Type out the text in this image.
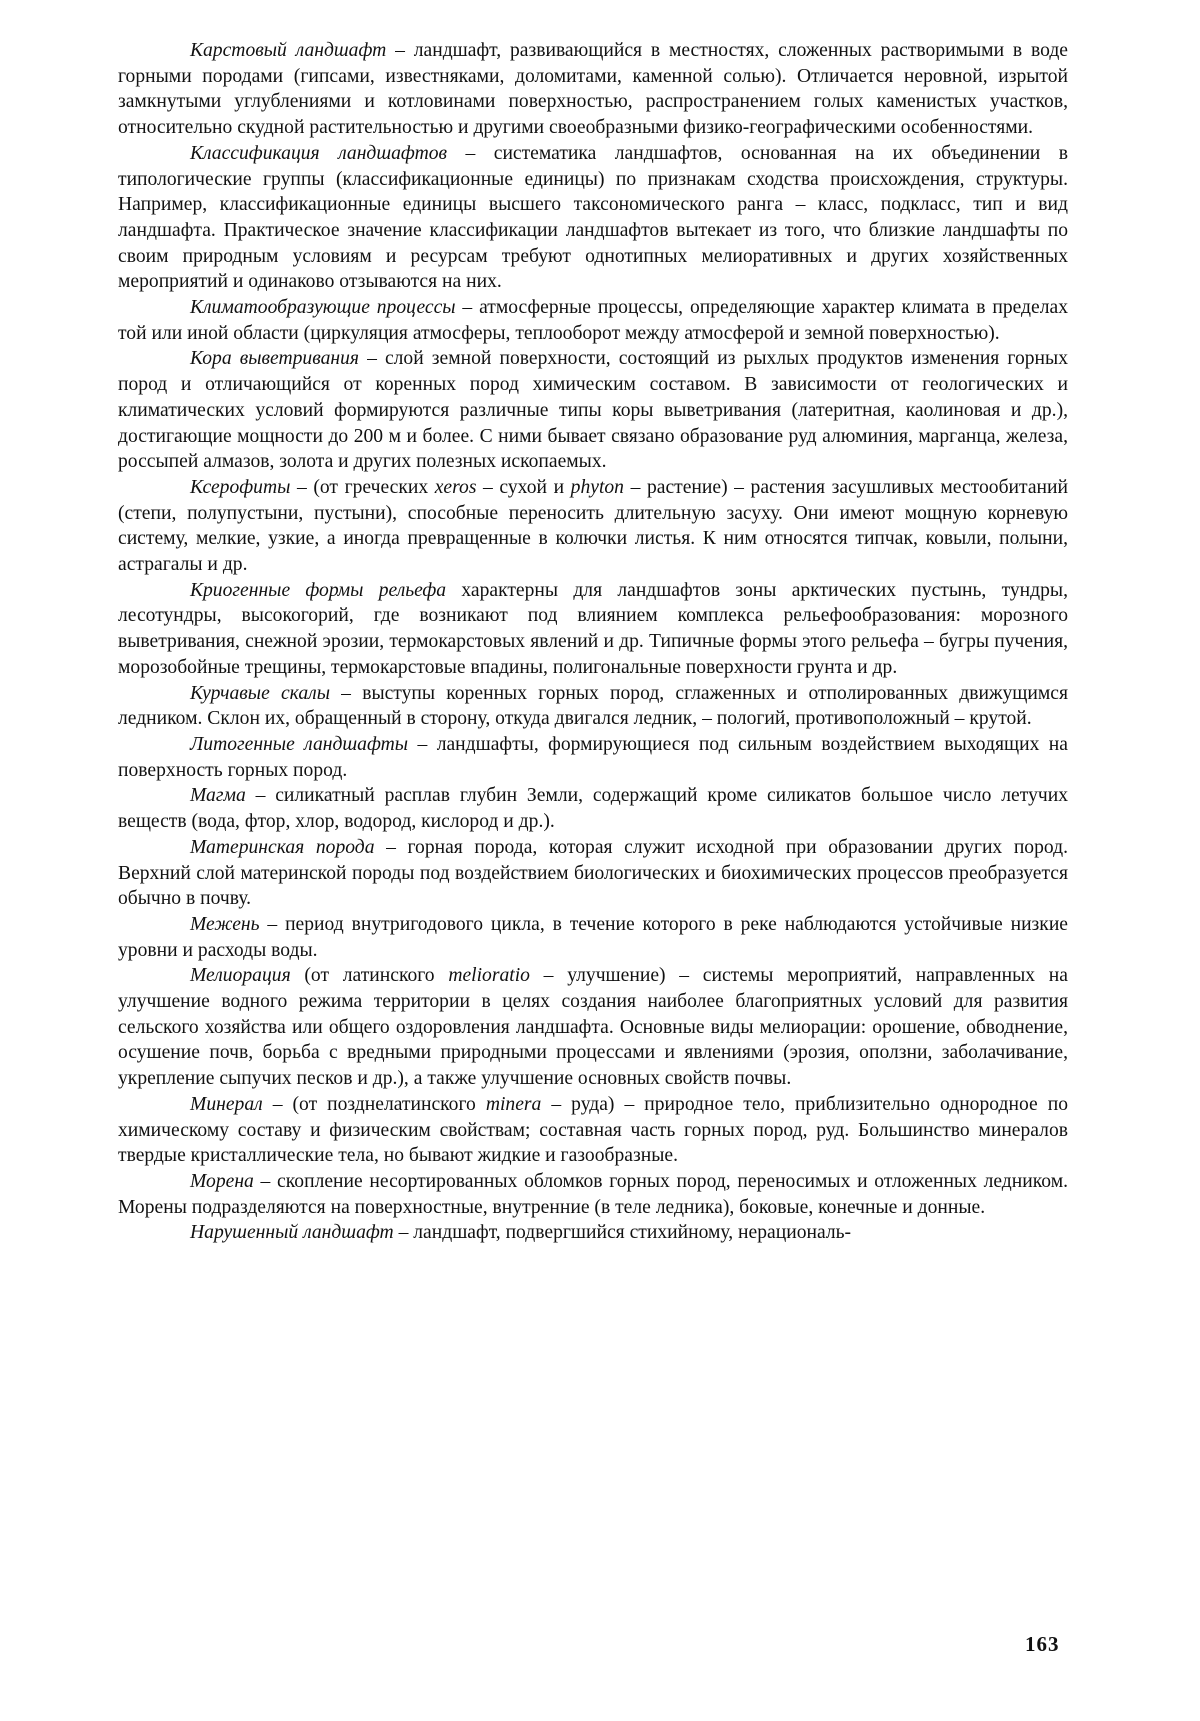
Карстовый ландшафт – ландшафт, развивающийся в местностях, сложенных растворимыми в воде горными породами (гипсами, известняками, доломитами, каменной солью). Отличается неровной, изрытой замкнутыми углублениями и котловинами поверхностью, распространением голых каменистых участков, относительно скудной растительностью и другими своеобразными физико-географическими особенностями.

Классификация ландшафтов – систематика ландшафтов, основанная на их объединении в типологические группы (классификационные единицы) по признакам сходства происхождения, структуры. Например, классификационные единицы высшего таксономического ранга – класс, подкласс, тип и вид ландшафта. Практическое значение классификации ландшафтов вытекает из того, что близкие ландшафты по своим природным условиям и ресурсам требуют однотипных мелиоративных и других хозяйственных мероприятий и одинаково отзываются на них.

Климатообразующие процессы – атмосферные процессы, определяющие характер климата в пределах той или иной области (циркуляция атмосферы, теплооборот между атмосферой и земной поверхностью).

Кора выветривания – слой земной поверхности, состоящий из рыхлых продуктов изменения горных пород и отличающийся от коренных пород химическим составом. В зависимости от геологических и климатических условий формируются различные типы коры выветривания (латеритная, каолиновая и др.), достигающие мощности до 200 м и более. С ними бывает связано образование руд алюминия, марганца, железа, россыпей алмазов, золота и других полезных ископаемых.

Ксерофиты – (от греческих xeros – сухой и phyton – растение) – растения засушливых местообитаний (степи, полупустыни, пустыни), способные переносить длительную засуху. Они имеют мощную корневую систему, мелкие, узкие, а иногда превращенные в колючки листья. К ним относятся типчак, ковыли, полыни, астрагалы и др.

Криогенные формы рельефа характерны для ландшафтов зоны арктических пустынь, тундры, лесотундры, высокогорий, где возникают под влиянием комплекса рельефообразования: морозного выветривания, снежной эрозии, термокарстовых явлений и др. Типичные формы этого рельефа – бугры пучения, морозобойные трещины, термокарстовые впадины, полигональные поверхности грунта и др.

Курчавые скалы – выступы коренных горных пород, сглаженных и отполированных движущимся ледником. Склон их, обращенный в сторону, откуда двигался ледник, – пологий, противоположный – крутой.

Литогенные ландшафты – ландшафты, формирующиеся под сильным воздействием выходящих на поверхность горных пород.

Магма – силикатный расплав глубин Земли, содержащий кроме силикатов большое число летучих веществ (вода, фтор, хлор, водород, кислород и др.).

Материнская порода – горная порода, которая служит исходной при образовании других пород. Верхний слой материнской породы под воздействием биологических и биохимических процессов преобразуется обычно в почву.

Межень – период внутригодового цикла, в течение которого в реке наблюдаются устойчивые низкие уровни и расходы воды.

Мелиорация (от латинского melioratio – улучшение) – системы мероприятий, направленных на улучшение водного режима территории в целях создания наиболее благоприятных условий для развития сельского хозяйства или общего оздоровления ландшафта. Основные виды мелиорации: орошение, обводнение, осушение почв, борьба с вредными природными процессами и явлениями (эрозия, оползни, заболачивание, укрепление сыпучих песков и др.), а также улучшение основных свойств почвы.

Минерал – (от позднелатинского minera – руда) – природное тело, приблизительно однородное по химическому составу и физическим свойствам; составная часть горных пород, руд. Большинство минералов твердые кристаллические тела, но бывают жидкие и газообразные.

Морена – скопление несортированных обломков горных пород, переносимых и отложенных ледником. Морены подразделяются на поверхностные, внутренние (в теле ледника), боковые, конечные и донные.

Нарушенный ландшафт – ландшафт, подвергшийся стихийному, нерациональ-

163
